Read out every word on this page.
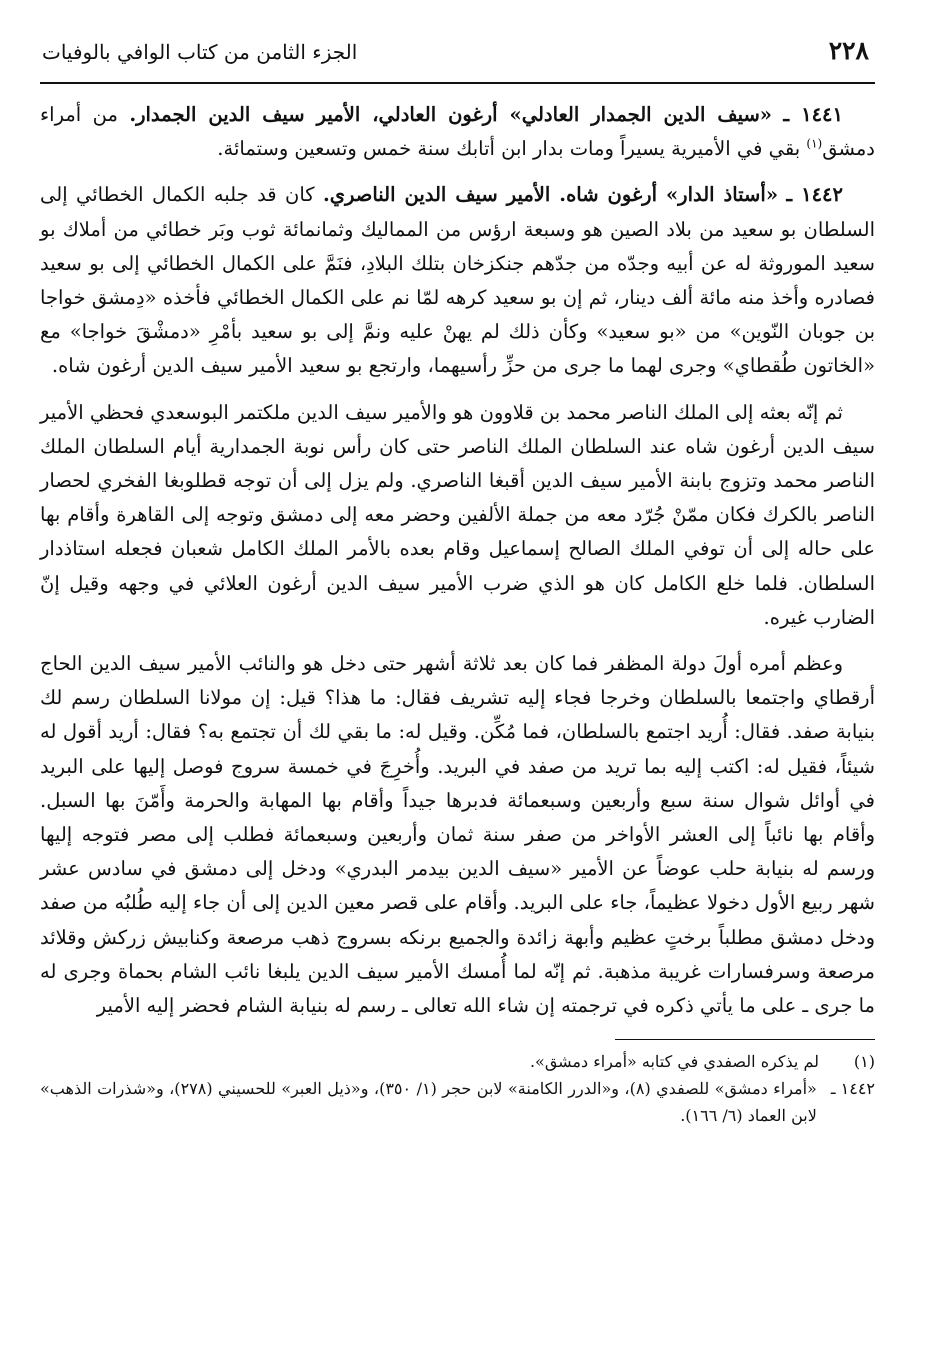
٢٢٨
الجزء الثامن من كتاب الوافي بالوفيات

١٤٤١ ـ «سيف الدين الجمدار العادلي» أرغون العادلي، الأمير سيف الدين الجمدار. من أمراء دمشق$^{(١)}$ بقي في الأميرية يسيراً ومات بدار ابن أتابك سنة خمس وتسعين وستمائة.

١٤٤٢ ـ «أستاذ الدار» أرغون شاه. الأمير سيف الدين الناصري. كان قد جلبه الكمال الخطائي إلى السلطان بو سعيد من بلاد الصين هو وسبعة ارؤس من المماليك وثمانمائة ثوب وبَر خطائي من أملاك بو سعيد الموروثة له عن أبيه وجدّه من جدّهم جنكزخان بتلك البلادِ، فنَمَّ على الكمال الخطائي إلى بو سعيد فصادره وأخذ منه مائة ألف دينار، ثم إن بو سعيد كرهه لمّا نم على الكمال الخطائي فأخذه «دِمشق خواجا بن جوبان النّوين» من «بو سعيد» وكأن ذلك لم يهنْ عليه ونمَّ إلى بو سعيد بأمْرِ «دمشْقَ خواجا» مع «الخاتون طُقطاي» وجرى لهما ما جرى من حزِّ رأسيهما، وارتجع بو سعيد الأمير سيف الدين أرغون شاه.

ثم إنّه بعثه إلى الملك الناصر محمد بن قلاوون هو والأمير سيف الدين ملكتمر البوسعدي فحظي الأمير سيف الدين أرغون شاه عند السلطان الملك الناصر حتى كان رأس نوبة الجمدارية أيام السلطان الملك الناصر محمد وتزوج بابنة الأمير سيف الدين أقبغا الناصري. ولم يزل إلى أن توجه قطلوبغا الفخري لحصار الناصر بالكرك فكان ممّنْ جُرّد معه من جملة الألفين وحضر معه إلى دمشق وتوجه إلى القاهرة وأقام بها على حاله إلى أن توفي الملك الصالح إسماعيل وقام بعده بالأمر الملك الكامل شعبان فجعله استاذدار السلطان. فلما خلع الكامل كان هو الذي ضرب الأمير سيف الدين أرغون العلائي في وجهه وقيل إنّ الضارب غيره.

وعظم أمره أولَ دولة المظفر فما كان بعد ثلاثة أشهر حتى دخل هو والنائب الأمير سيف الدين الحاج أرقطاي واجتمعا بالسلطان وخرجا فجاء إليه تشريف فقال: ما هذا؟ قيل: إن مولانا السلطان رسم لك بنيابة صفد. فقال: أُريد اجتمع بالسلطان، فما مُكِّن. وقيل له: ما بقي لك أن تجتمع به؟ فقال: أريد أقول له شيئاً، فقيل له: اكتب إليه بما تريد من صفد في البريد. وأُخرِجَ في خمسة سروج فوصل إليها على البريد في أوائل شوال سنة سبع وأربعين وسبعمائة فدبرها جيداً وأقام بها المهابة والحرمة وأَمّنَ بها السبل. وأقام بها نائباً إلى العشر الأواخر من صفر سنة ثمان وأربعين وسبعمائة فطلب إلى مصر فتوجه إليها ورسم له بنيابة حلب عوضاً عن الأمير «سيف الدين بيدمر البدري» ودخل إلى دمشق في سادس عشر شهر ربيع الأول دخولا عظيماً، جاء على البريد. وأقام على قصر معين الدين إلى أن جاء إليه طُلبُه من صفد ودخل دمشق مطلباً برختٍ عظيم وأبهة زائدة والجميع برنكه بسروج ذهب مرصعة وكنابيش زركش وقلائد مرصعة وسرفسارات غريبة مذهبة. ثم إنّه لما أُمسك الأمير سيف الدين يلبغا نائب الشام بحماة وجرى له ما جرى ـ على ما يأتي ذكره في ترجمته إن شاء الله تعالى ـ رسم له بنيابة الشام فحضر إليه الأمير

(١)
لم يذكره الصفدي في كتابه «أمراء دمشق».
١٤٤٢ ـ
«أمراء دمشق» للصفدي (٨)، و«الدرر الكامنة» لابن حجر (١/ ٣٥٠)، و«ذيل العبر» للحسيني (٢٧٨)، و«شذرات الذهب» لابن العماد (٦/ ١٦٦).
